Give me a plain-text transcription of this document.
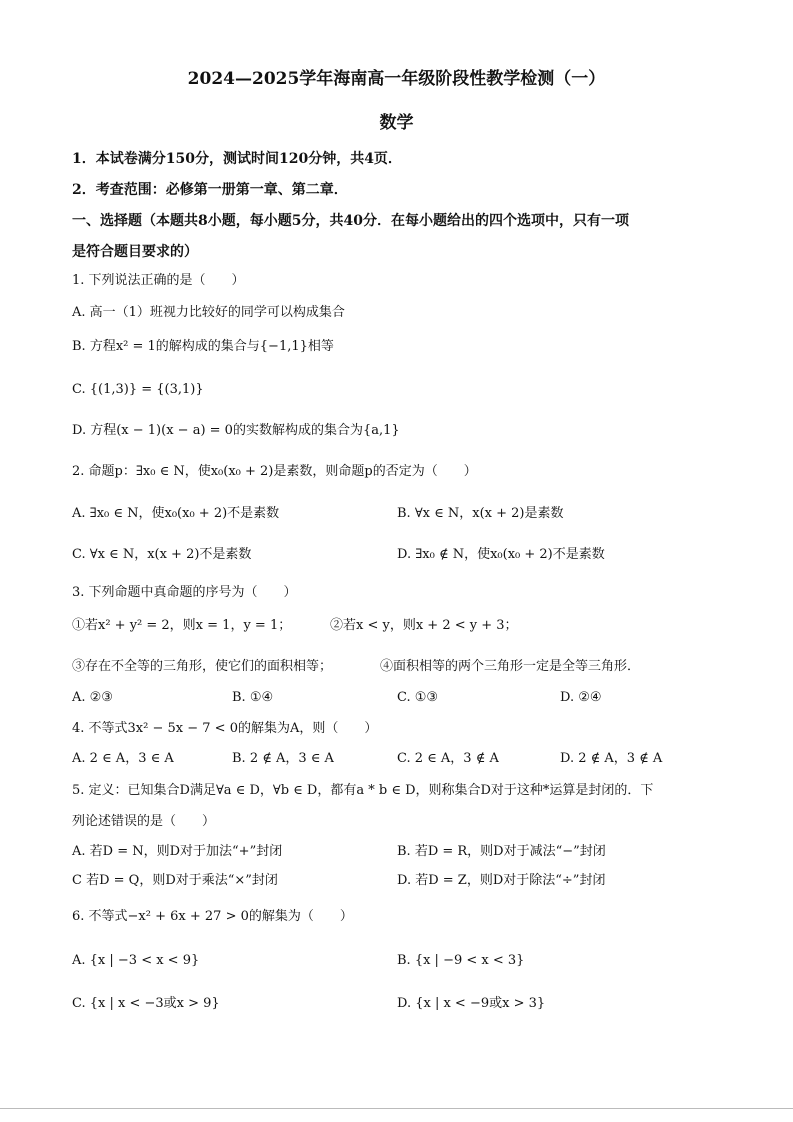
2024—2025学年海南高一年级阶段性教学检测（一）
数学
1．本试卷满分150分，测试时间120分钟，共4页．
2．考查范围：必修第一册第一章、第二章．
一、选择题（本题共8小题，每小题5分，共40分．在每小题给出的四个选项中，只有一项
是符合题目要求的）
1. 下列说法正确的是（　　）
A. 高一（1）班视力比较好的同学可以构成集合
B. 方程x² = 1的解构成的集合与{−1,1}相等
C. {(1,3)} = {(3,1)}
D. 方程(x − 1)(x − a) = 0的实数解构成的集合为{a,1}
2. 命题p：∃x₀ ∈ N，使x₀(x₀ + 2)是素数，则命题p的否定为（　　）
A. ∃x₀ ∈ N，使x₀(x₀ + 2)不是素数	B. ∀x ∈ N，x(x + 2)是素数
C. ∀x ∈ N，x(x + 2)不是素数	D. ∃x₀ ∉ N，使x₀(x₀ + 2)不是素数
3. 下列命题中真命题的序号为（　　）
①若x² + y² = 2，则x = 1，y = 1；	②若x < y，则x + 2 < y + 3；
③存在不全等的三角形，使它们的面积相等；	④面积相等的两个三角形一定是全等三角形．
A. ②③	B. ①④	C. ①③	D. ②④
4. 不等式3x² − 5x − 7 < 0的解集为A，则（　　）
A. 2 ∈ A，3 ∈ A	B. 2 ∉ A，3 ∈ A	C. 2 ∈ A，3 ∉ A	D. 2 ∉ A，3 ∉ A
5. 定义：已知集合D满足∀a ∈ D，∀b ∈ D，都有a * b ∈ D，则称集合D对于这种*运算是封闭的．下
列论述错误的是（　　）
A. 若D = N，则D对于加法“+”封闭	B. 若D = R，则D对于减法“−”封闭
C 若D = Q，则D对于乘法“×”封闭	D. 若D = Z，则D对于除法“÷”封闭
6. 不等式−x² + 6x + 27 > 0的解集为（　　）
A. {x | −3 < x < 9}	B. {x | −9 < x < 3}
C. {x | x < −3或x > 9}	D. {x | x < −9或x > 3}
